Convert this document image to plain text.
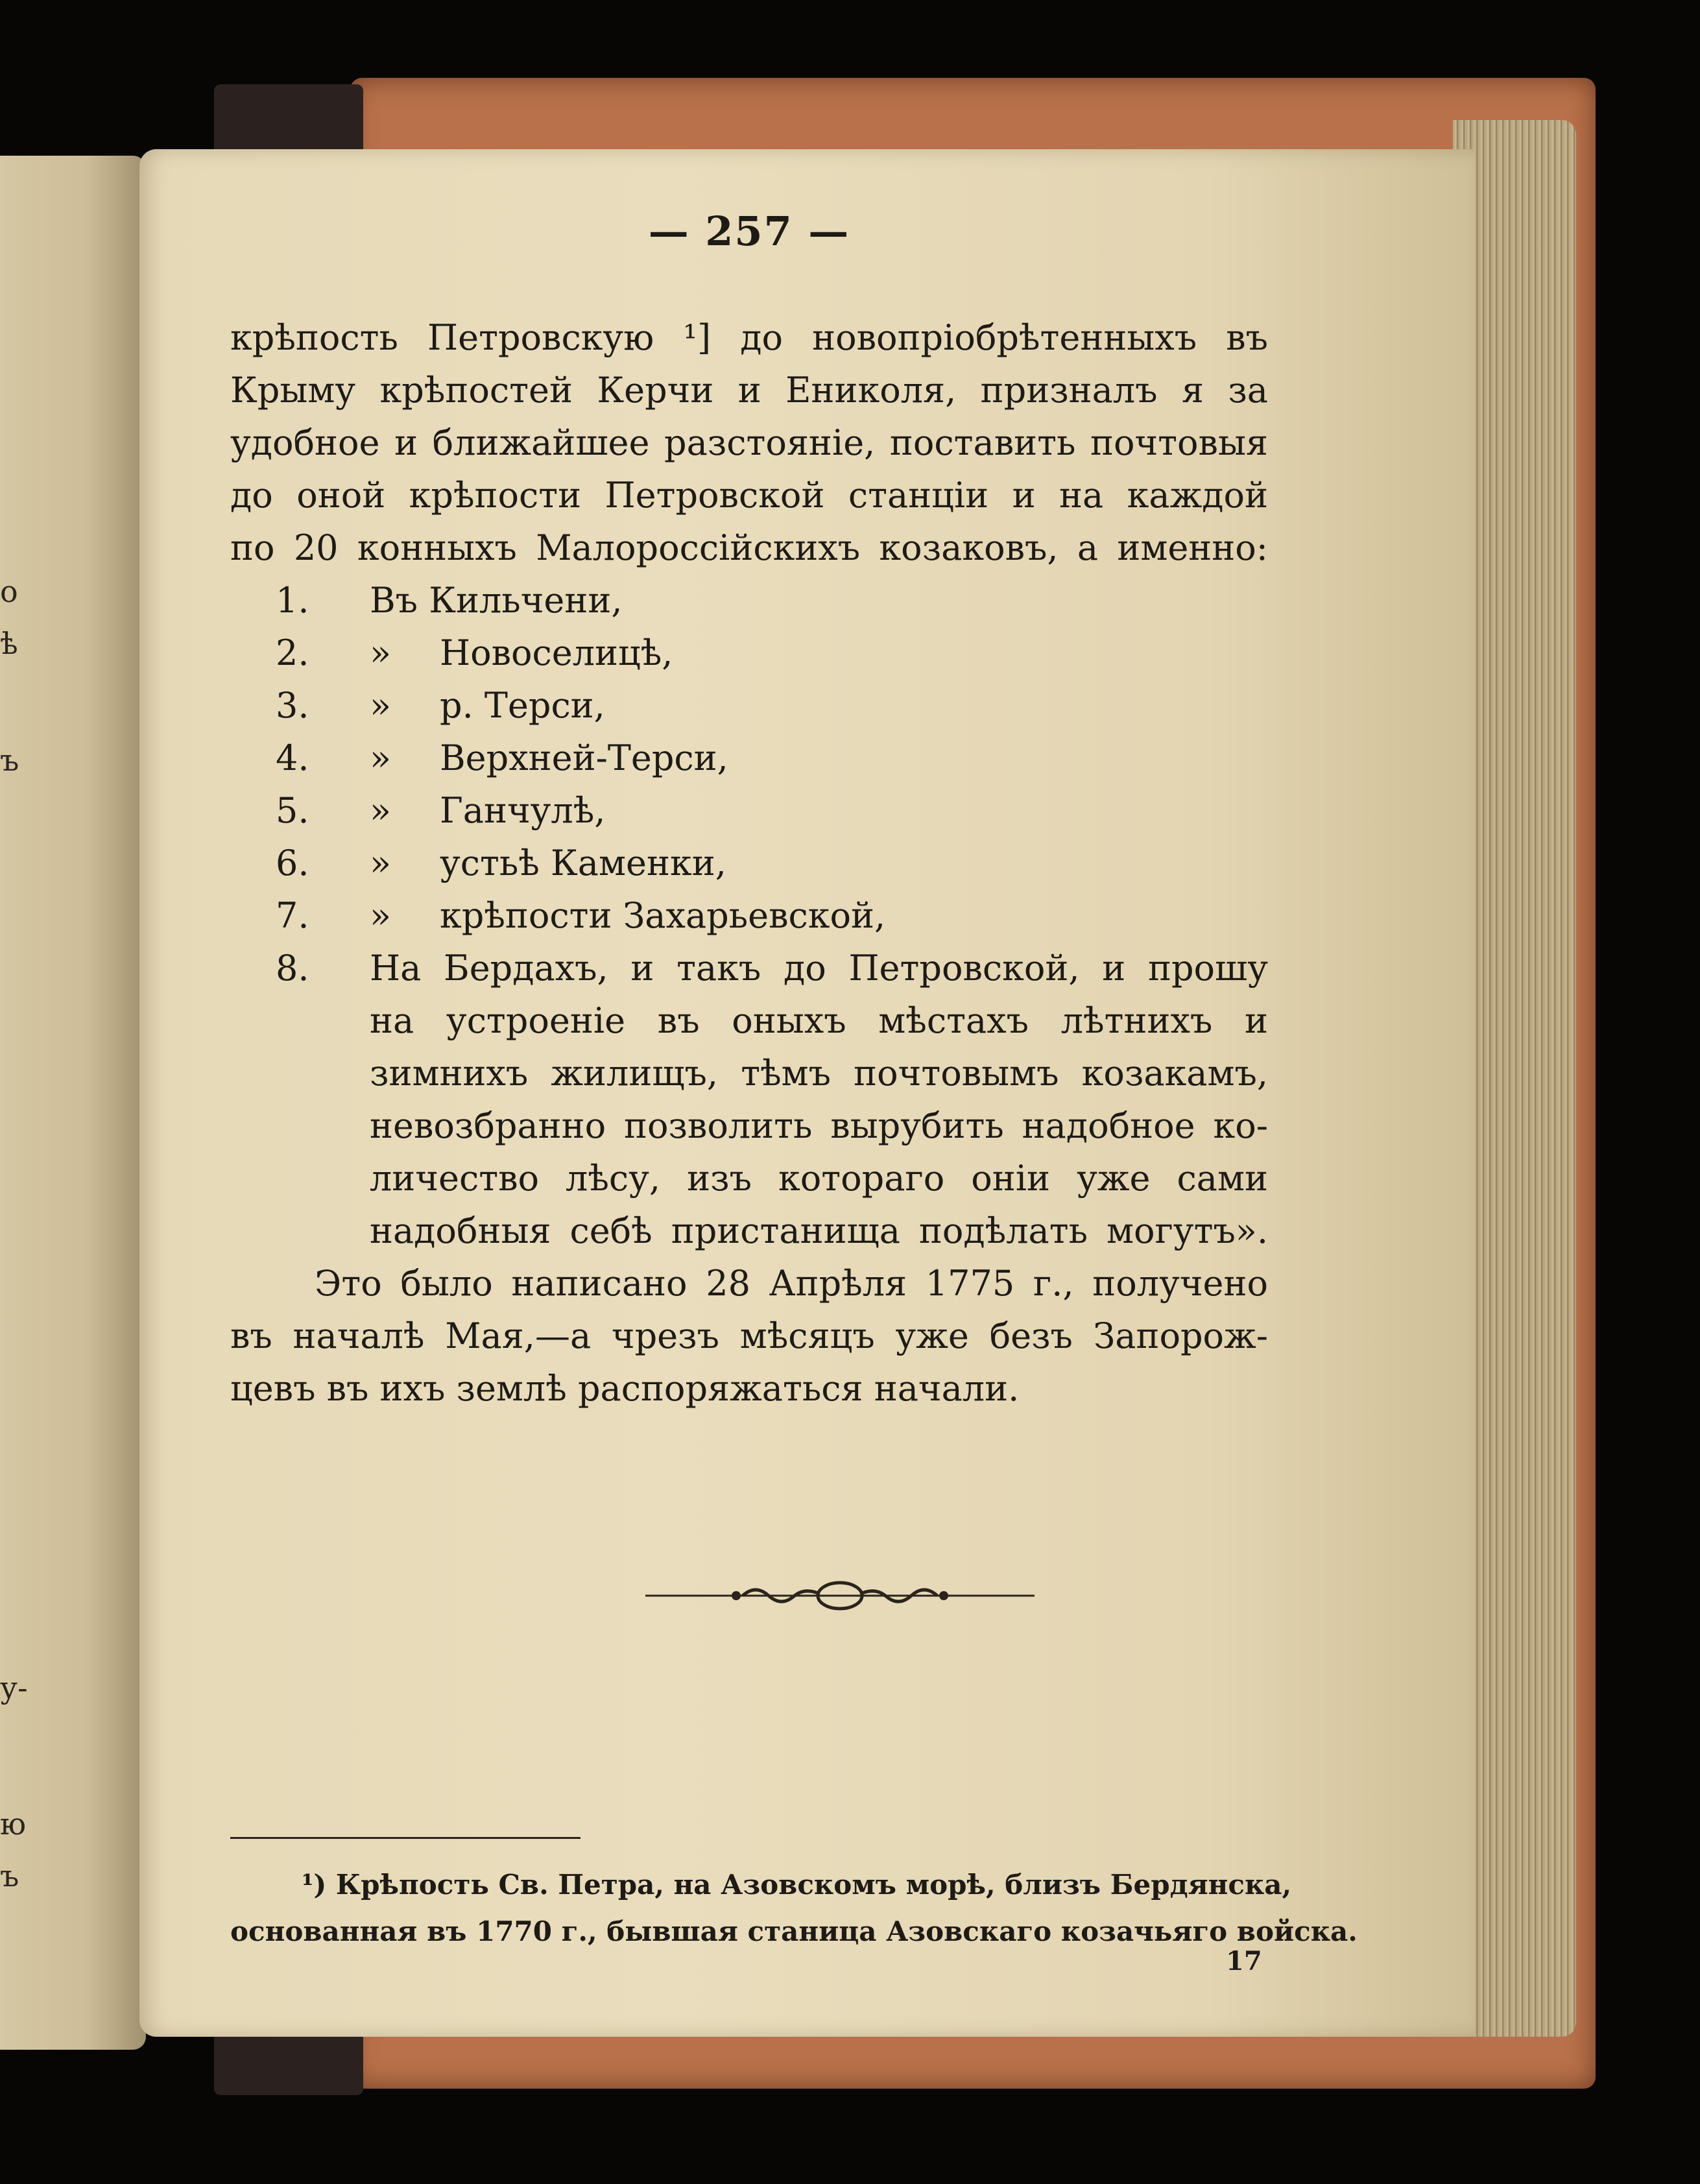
о
ѣ
ъ
у-
ю
ъ
— 257 —

крѣпость Петровскую ¹] до новопріобрѣтенныхъ въ

Крыму крѣпостей Керчи и Ениколя, призналъ я за

удобное и ближайшее разстояніе, поставить почтовыя

до оной крѣпости Петровской станціи и на каждой

по 20 конныхъ Малороссійскихъ козаковъ, а именно:

1.	Въ Кильчени,
2.	» Новоселицѣ,
3.	» р. Терси,
4.	» Верхней-Терси,
5.	» Ганчулѣ,
6.	» устьѣ Каменки,
7.	» крѣпости Захарьевской,
8.	На Бердахъ, и такъ до Петровской, и прошу

на устроеніе въ оныхъ мѣстахъ лѣтнихъ и

зимнихъ жилищъ, тѣмъ почтовымъ козакамъ,

невозбранно позволить вырубить надобное ко-

личество лѣсу, изъ котораго оніи уже сами

надобныя себѣ пристанища подѣлать могутъ».

Это было написано 28 Апрѣля 1775 г., получено

въ началѣ Мая,—а чрезъ мѣсяцъ уже безъ Запорож-

цевъ въ ихъ землѣ распоряжаться начали.

¹) Крѣпость Св. Петра, на Азовскомъ морѣ, близъ Бердянска,

основанная въ 1770 г., бывшая станица Азовскаго козачьяго войска.

17
